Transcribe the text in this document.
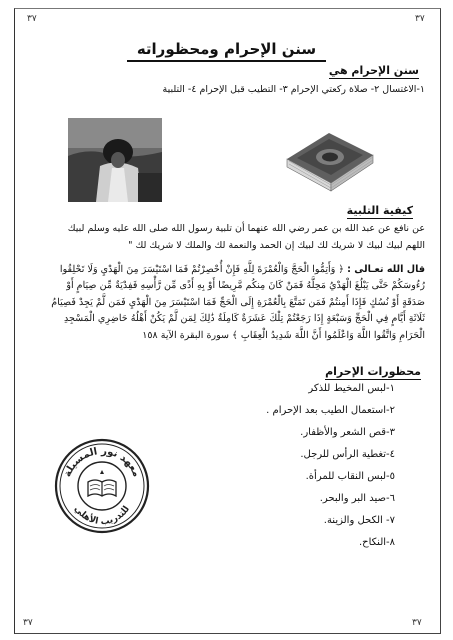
٣٧	٣٧
٣٧	٣٧
سنن الإحرام ومحظوراته
سنن الإحرام هي
١-الاغتسال ٢- صلاة ركعتي الإحرام ٣- التطيب قبل الإحرام ٤- التلبية
كيفية التلبية
عن نافع عن عبد الله بن عمر رضي الله عنهما أن تلبية رسول الله صلى الله عليه وسلم لبيك
اللهم لبيك لبيك لا شريك لك لبيك إن الحمد والنعمة لك والملك لا شريك لك "
قال الله تعـالى : ﴿ وَأَتِمُّوا الْحَجَّ وَالْعُمْرَةَ لِلَّهِ فَإِنْ أُحْصِرْتُمْ فَمَا اسْتَيْسَرَ مِنَ الْهَدْيِ وَلَا تَحْلِقُوا
رُءُوسَكُمْ حَتَّى يَبْلُغَ الْهَدْيُ مَحِلَّهُ فَمَنْ كَانَ مِنكُم مَّرِيضًا أَوْ بِهِ أَذًى مِّن رَّأْسِهِ فَفِدْيَةٌ مِّن صِيَامٍ أَوْ
صَدَقَةٍ أَوْ نُسُكٍ فَإِذَا أَمِنتُمْ فَمَن تَمَتَّعَ بِالْعُمْرَةِ إِلَى الْحَجِّ فَمَا اسْتَيْسَرَ مِنَ الْهَدْيِ فَمَن لَّمْ يَجِدْ فَصِيَامُ
ثَلَاثَةِ أَيَّامٍ فِي الْحَجِّ وَسَبْعَةٍ إِذَا رَجَعْتُمْ تِلْكَ عَشَرَةٌ كَامِلَةٌ ذَٰلِكَ لِمَن لَّمْ يَكُنْ أَهْلُهُ حَاضِرِي الْمَسْجِدِ
الْحَرَامِ وَاتَّقُوا اللَّهَ وَاعْلَمُوا أَنَّ اللَّهَ شَدِيدُ الْعِقَابِ ﴾ سورة البقرة الآية ١٥٨
محظورات الإحرام
١-لبس المخيط للذكر
٢-استعمال الطيب بعد الإحرام .
٣-قص الشعر والأظفار.
٤-تغطية الرأس للرجل.
٥-لبس النقاب للمرأة.
٦-صيد البر والبحر.
٧- الكحل والزينة.
٨-النكاح.
معهد نور المسيلة
للتدريب الأهلي
